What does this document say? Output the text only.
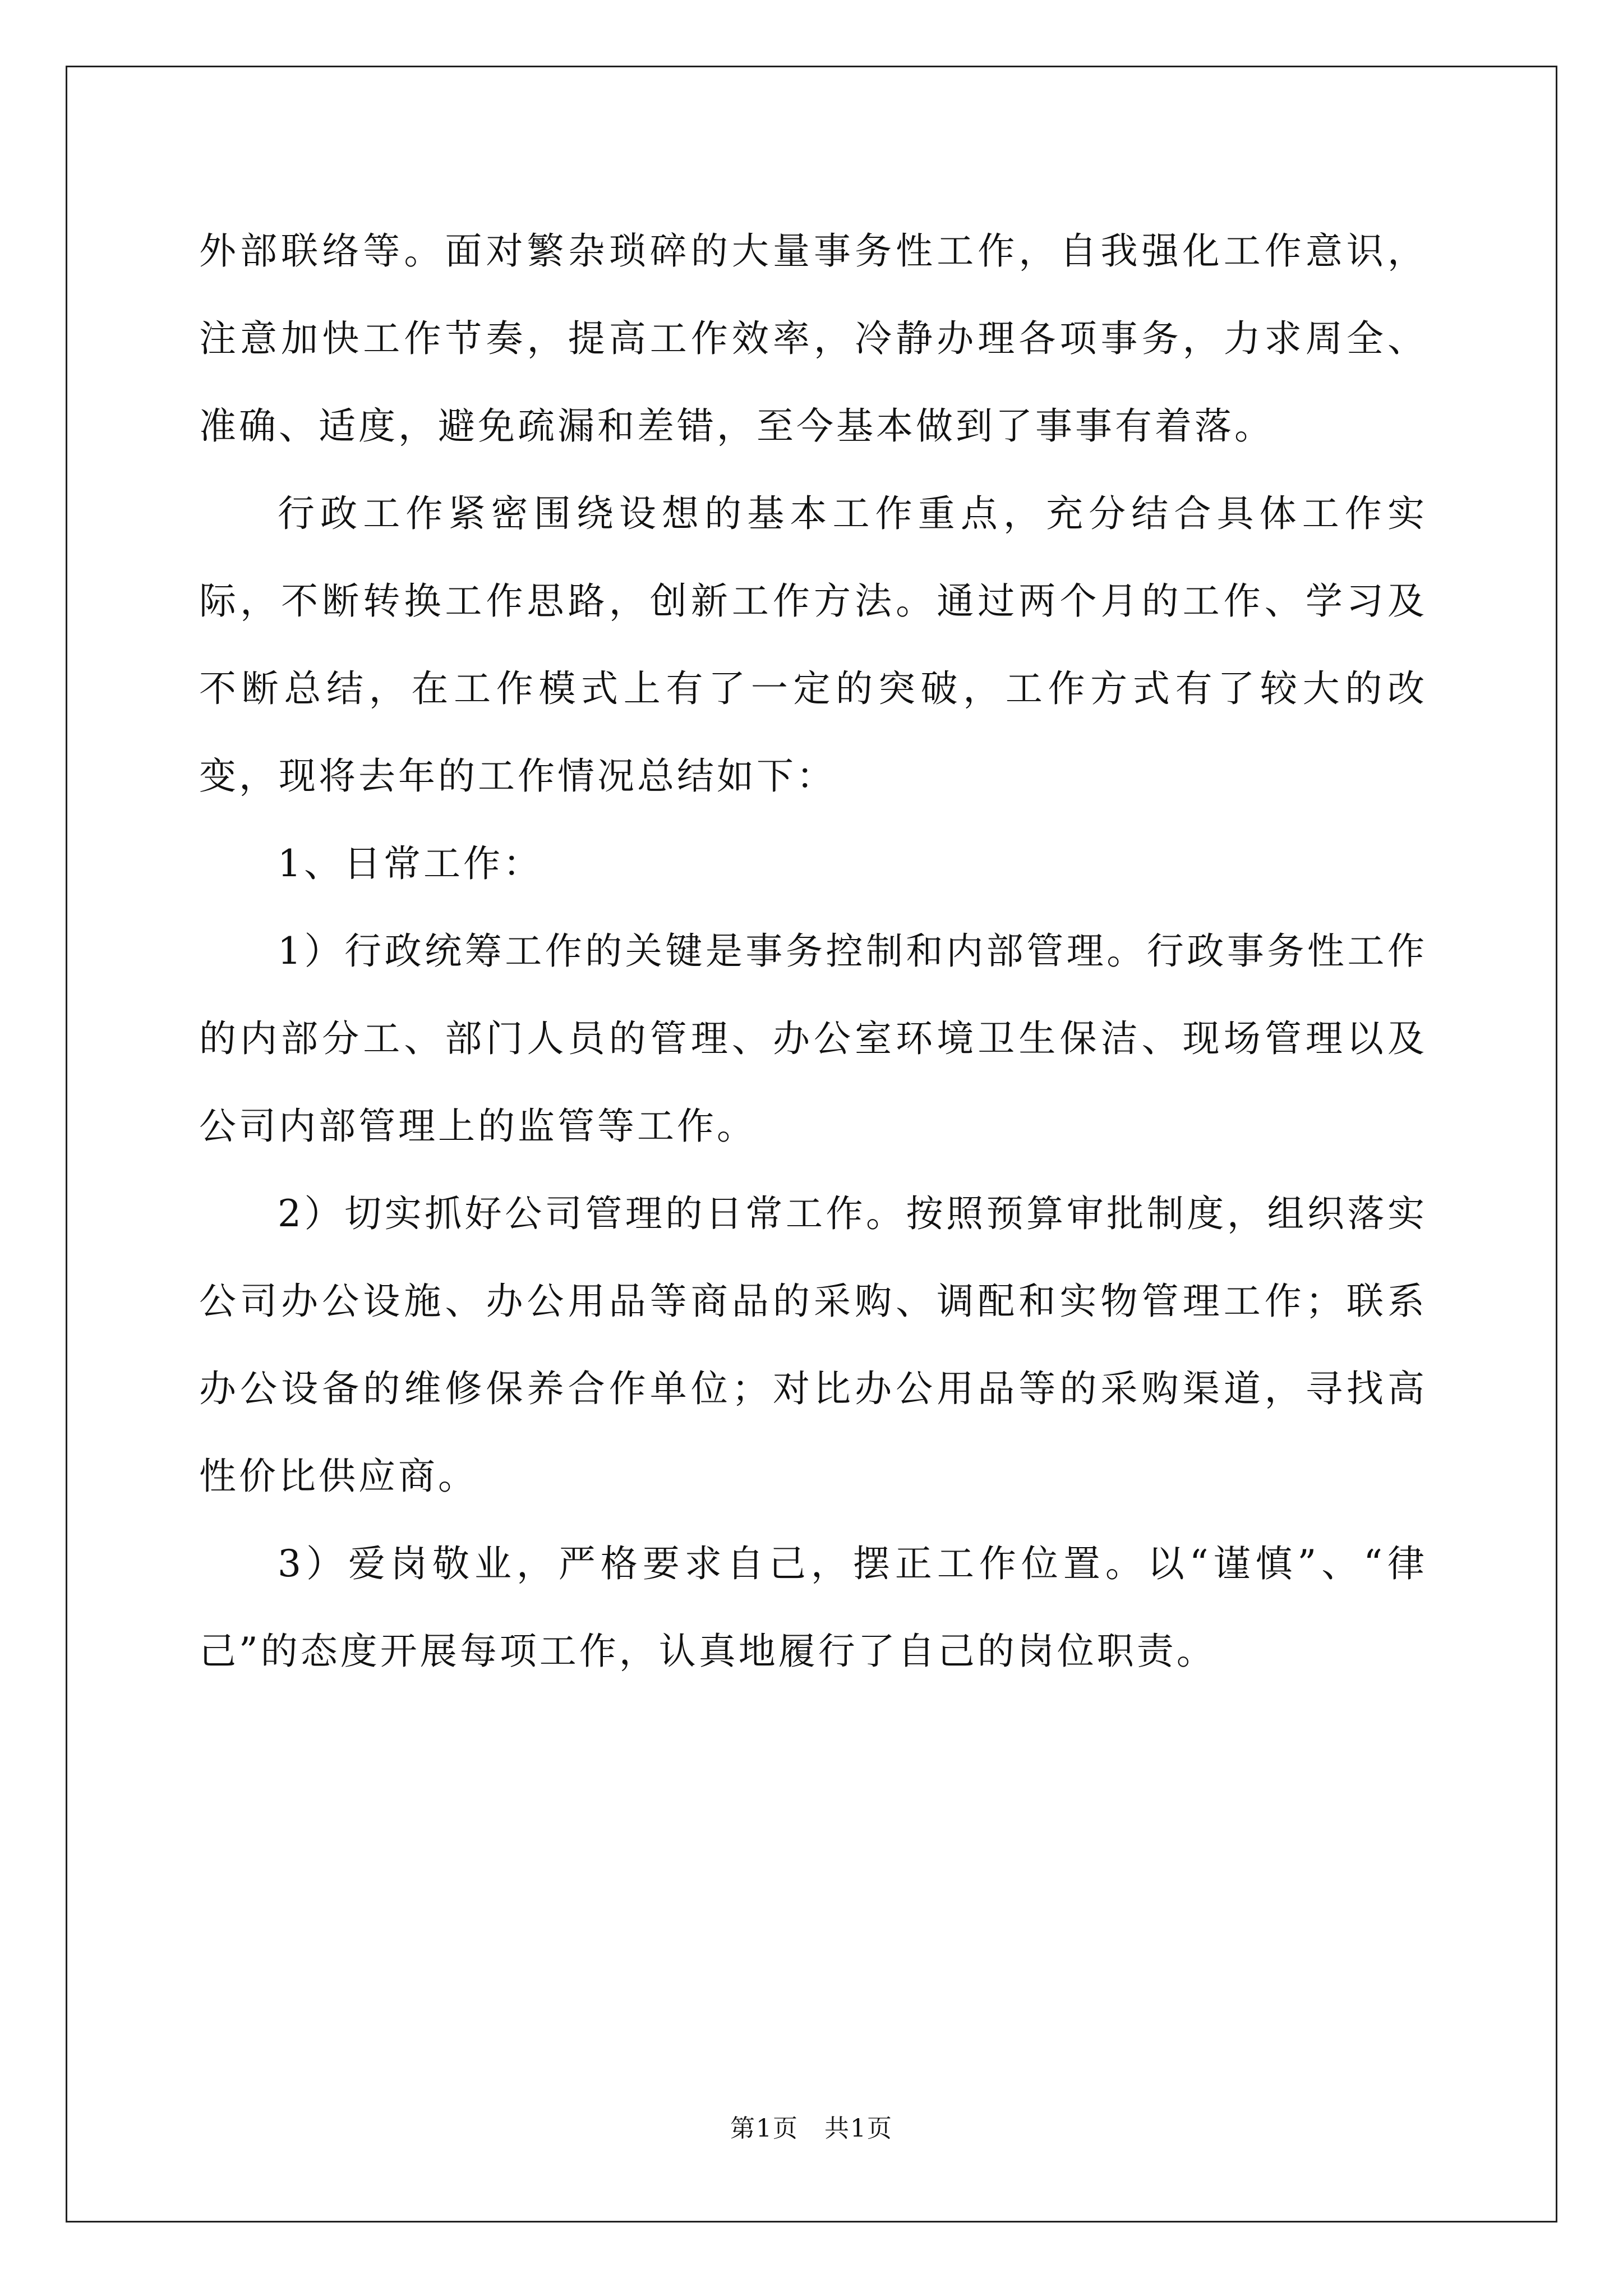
外部联络等。面对繁杂琐碎的大量事务性工作，自我强化工作意识，注意加快工作节奏，提高工作效率，冷静办理各项事务，力求周全、准确、适度，避免疏漏和差错，至今基本做到了事事有着落。

行政工作紧密围绕设想的基本工作重点，充分结合具体工作实际，不断转换工作思路，创新工作方法。通过两个月的工作、学习及不断总结，在工作模式上有了一定的突破，工作方式有了较大的改变，现将去年的工作情况总结如下：

1、日常工作：

1）行政统筹工作的关键是事务控制和内部管理。行政事务性工作的内部分工、部门人员的管理、办公室环境卫生保洁、现场管理以及公司内部管理上的监管等工作。

2）切实抓好公司管理的日常工作。按照预算审批制度，组织落实公司办公设施、办公用品等商品的采购、调配和实物管理工作；联系办公设备的维修保养合作单位；对比办公用品等的采购渠道，寻找高性价比供应商。

3）爱岗敬业，严格要求自己，摆正工作位置。以“谨慎”、“律己”的态度开展每项工作，认真地履行了自己的岗位职责。

第1页　共1页
